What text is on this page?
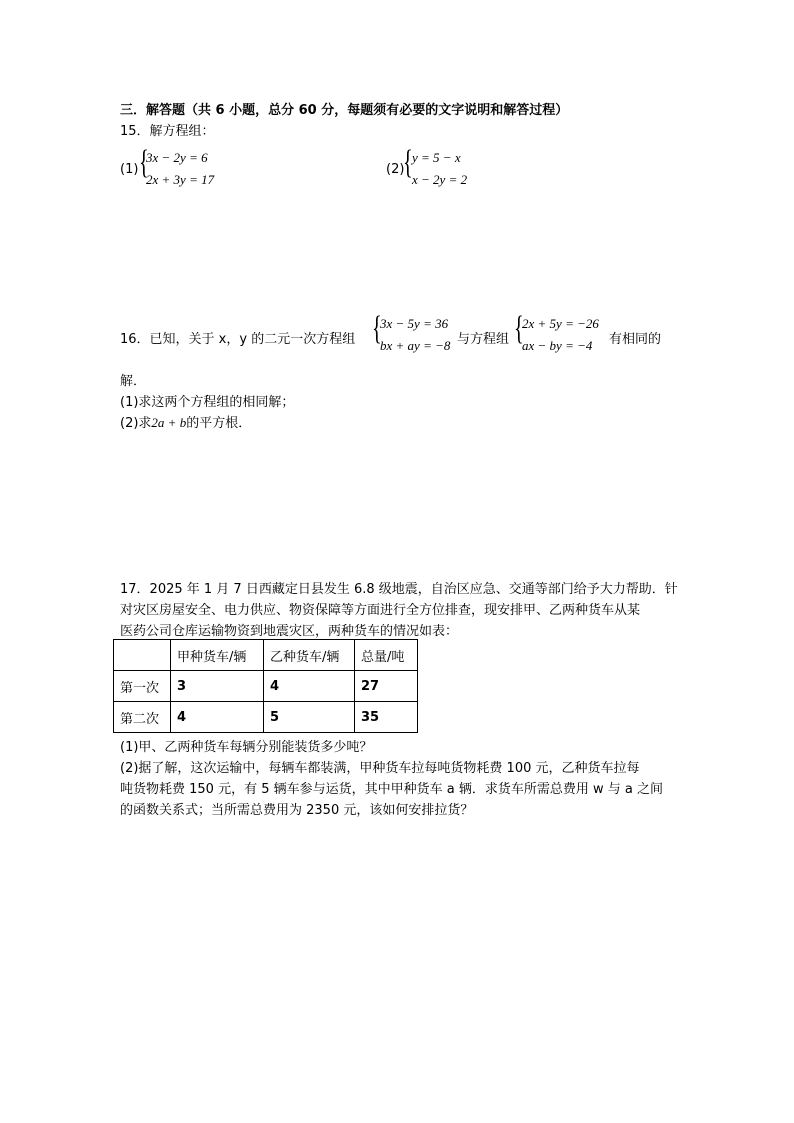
三．解答题（共 6 小题，总分 60 分，每题须有必要的文字说明和解答过程）
15．解方程组：
(1) {
3x − 2y = 6
2x + 3y = 17
(2)
{ y = 5 − x
x − 2y = 2
16．已知，关于 x，y 的二元一次方程组 {
3x − 5y = 36
bx + ay = −8 与方程组 {
2x + 5y = −26
ax − by = −4 有相同的
解．
(1)求这两个方程组的相同解；
(2)求2a + b的平方根．
17．2025 年 1 月 7 日西藏定日县发生 6.8 级地震，自治区应急、交通等部门给予大力帮助．针
对灾区房屋安全、电力供应、物资保障等方面进行全方位排查，现安排甲、乙两种货车从某
医药公司仓库运输物资到地震灾区，两种货车的情况如表：
	甲种货车/辆	乙种货车/辆	总量/吨
第一次	3	4	27
第二次	4	5	35
(1)甲、乙两种货车每辆分别能装货多少吨？
(2)据了解，这次运输中，每辆车都装满，甲种货车拉每吨货物耗费 100 元，乙种货车拉每
吨货物耗费 150 元，有 5 辆车参与运货，其中甲种货车 a 辆．求货车所需总费用 w 与 a 之间
的函数关系式；当所需总费用为 2350 元，该如何安排拉货？
